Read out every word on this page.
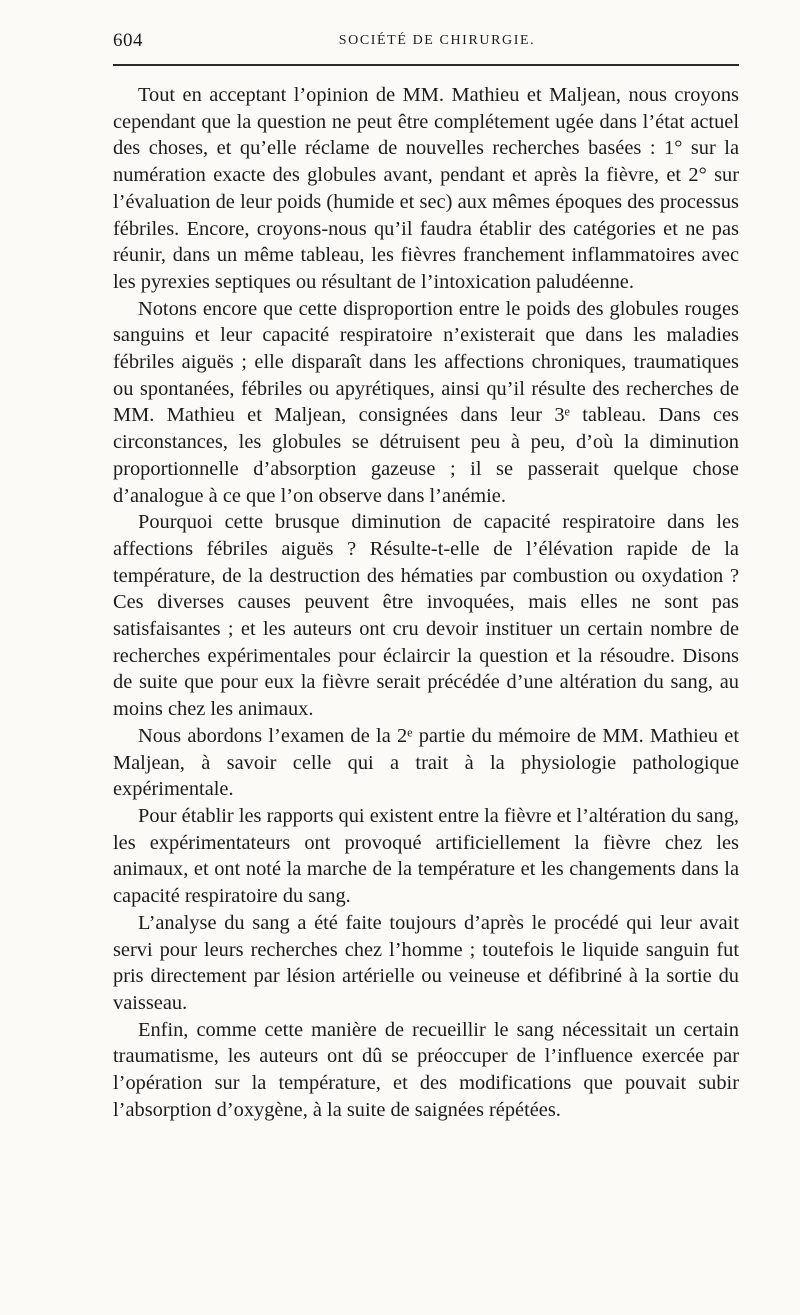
604	SOCIÉTÉ DE CHIRURGIE.

Tout en acceptant l’opinion de MM. Mathieu et Maljean, nous croyons cependant que la question ne peut être complétement ugée dans l’état actuel des choses, et qu’elle réclame de nouvelles recherches basées : 1° sur la numération exacte des globules avant, pendant et après la fièvre, et 2° sur l’évaluation de leur poids (humide et sec) aux mêmes époques des processus fébriles. Encore, croyons-nous qu’il faudra établir des catégories et ne pas réunir, dans un même tableau, les fièvres franchement inflammatoires avec les pyrexies septiques ou résultant de l’intoxication paludéenne.

Notons encore que cette disproportion entre le poids des globules rouges sanguins et leur capacité respiratoire n’existerait que dans les maladies fébriles aiguës ; elle disparaît dans les affections chroniques, traumatiques ou spontanées, fébriles ou apyrétiques, ainsi qu’il résulte des recherches de MM. Mathieu et Maljean, consignées dans leur 3ᵉ tableau. Dans ces circonstances, les globules se détruisent peu à peu, d’où la diminution proportionnelle d’absorption gazeuse ; il se passerait quelque chose d’analogue à ce que l’on observe dans l’anémie.

Pourquoi cette brusque diminution de capacité respiratoire dans les affections fébriles aiguës ? Résulte-t-elle de l’élévation rapide de la température, de la destruction des hématies par combustion ou oxydation ? Ces diverses causes peuvent être invoquées, mais elles ne sont pas satisfaisantes ; et les auteurs ont cru devoir instituer un certain nombre de recherches expérimentales pour éclaircir la question et la résoudre. Disons de suite que pour eux la fièvre serait précédée d’une altération du sang, au moins chez les animaux.

Nous abordons l’examen de la 2ᵉ partie du mémoire de MM. Mathieu et Maljean, à savoir celle qui a trait à la physiologie pathologique expérimentale.

Pour établir les rapports qui existent entre la fièvre et l’altération du sang, les expérimentateurs ont provoqué artificiellement la fièvre chez les animaux, et ont noté la marche de la température et les changements dans la capacité respiratoire du sang.

L’analyse du sang a été faite toujours d’après le procédé qui leur avait servi pour leurs recherches chez l’homme ; toutefois le liquide sanguin fut pris directement par lésion artérielle ou veineuse et défibriné à la sortie du vaisseau.

Enfin, comme cette manière de recueillir le sang nécessitait un certain traumatisme, les auteurs ont dû se préoccuper de l’influence exercée par l’opération sur la température, et des modifications que pouvait subir l’absorption d’oxygène, à la suite de saignées répétées.
